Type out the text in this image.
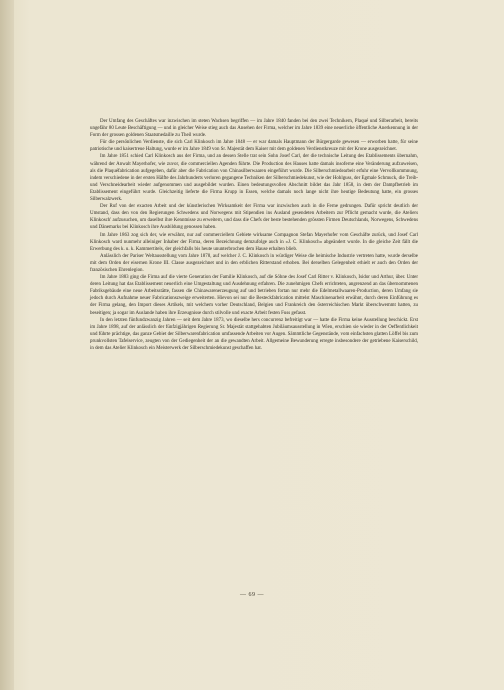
Der Umfang des Geschäftes war inzwischen im steten Wachsen begriffen — im Jahre 1840 fanden bei den zwei Technikern, Plaqué und Silberarbeit, bereits ungefähr 80 Leute Beschäftigung — und in gleicher Weise stieg auch das Ansehen der Firma, welcher im Jahre 1839 eine neuerliche öffentliche Anerkennung in der Form der grossen goldenen Staatsmedaille zu Theil wurde.

Für die persönlichen Verdienste, die sich Carl Klinkosch im Jahre 1848 — er war damals Hauptmann der Bürgergarde gewesen — erworben hatte, für seine patriotische und kaisertreue Haltung, wurde er im Jahre 1849 von Sr. Majestät dem Kaiser mit dem goldenen Verdienstkreuze mit der Krone ausgezeichnet.

Im Jahre 1851 schied Carl Klinkosch aus der Firma, und an dessen Stelle trat sein Sohn Josef Carl, der die technische Leitung des Etablissements übernahm, während der Anwalt Mayerhofer, wie zuvor, die commerciellen Agenden führte. Die Production des Hauses hatte damals insoferne eine Veränderung aufzuweisen, als die Plaquéfabrication aufgegeben, dafür aber die Fabrication von Chinasilberwaaren eingeführt wurde. Die Silberschmiedearbeit erfuhr eine Vervollkommnung, indem verschiedene in der ersten Hälfte des Jahrhunderts verloren gegangene Techniken der Silberschmiedekunst, wie der Hohlguss, der Egmale Schmuck, die Treib- und Verschneidearbeit wieder aufgenommen und ausgebildet wurden. Einen bedeutungsvollen Abschnitt bildet das Jahr 1858, in dem der Dampfbetrieb im Etablissement eingeführt wurde. Gleichzeitig lieferte die Firma Krupp in Essen, welche damals noch lange nicht ihre heutige Bedeutung hatte, ein grosses Silberwalzwerk.

Der Ruf von der exacten Arbeit und der künstlerischen Wirksamkeit der Firma war inzwischen auch in die Ferne gedrungen. Dafür spricht deutlich der Umstand, dass den von den Regierungen Schwedens und Norwegens mit Stipendien ins Ausland gesendeten Arbeitern zur Pflicht gemacht wurde, die Ateliers Klinkosch' aufzusuchen, um daselbst ihre Kenntnisse zu erweitern, und dass die Chefs der beste bestehenden grössten Firmen Deutschlands, Norwegens, Schwedens und Dänemarks bei Klinkosch ihre Ausbildung genossen haben.

Im Jahre 1863 zog sich der, wie erwähnt, nur auf commerciellem Gebiete wirksame Compagnon Stefan Mayerhofer vom Geschäfte zurück, und Josef Carl Klinkosch ward nunmehr alleiniger Inhaber der Firma, deren Bezeichnung demzufolge auch in »J. C. Klinkosch« abgeändert wurde. In die gleiche Zeit fällt die Erwerbung des k. u. k. Kammertitels, der gleichfalls bis heute ununterbrochen dem Hause erhalten blieb.

Anlässlich der Pariser Weltausstellung vom Jahre 1878, auf welcher J. C. Klinkosch in würdiger Weise die heimische Industrie vertreten hatte, wurde derselbe mit dem Orden der eisernen Krone III. Classe ausgezeichnet und in den erblichen Ritterstand erhoben. Bei derselben Gelegenheit erhielt er auch den Orden der französischen Ehrenlegion.

Im Jahre 1883 ging die Firma auf die vierte Generation der Familie Klinkosch, auf die Söhne des Josef Carl Ritter v. Klinkosch, Isidor und Arthur, über. Unter deren Leitung hat das Etablissement neuerlich eine Umgestaltung und Ausdehnung erfahren. Die zunehmigen Chefs errichteten, angrenzend an das übernommenen Fabriksgebäude eine neue Arbeitsstätte, fassen die Chinawarenerzeugung auf und betrieben fortan nur mehr die Edelmetallwaaren-Production, deren Umfang sie jedoch durch Aufnahme neuer Fabricationszweige erweiterten. Hievon sei nur die Besteckfabrication mittelst Maschinenarbeit erwähnt, durch deren Einführung es der Firma gelang, den Import dieses Artikels, mit welchem vorher Deutschland, Belgien und Frankreich den österreichischen Markt überschwemmt hatten, zu beseitigen; ja sogar im Auslande haben ihre Erzeugnisse durch stilvolle und exacte Arbeit festen Fuss gefasst.

In den letzten fünfundzwanzig Jahren — seit dem Jahre 1873, wo dieselbe hers concurrenz befreitigt war — hatte die Firma keine Ausstellung beschickt. Erst im Jahre 1898, auf der anlässlich der fünfzigjährigen Regierung Sr. Majestät stattgehabten Jubiläumsausstellung in Wien, erschien sie wieder in der Oeffentlichkeit und führte prächtige, das ganze Gebiet der Silberwarenfabrication umfassende Arbeiten vor Augen. Sämmtliche Gegenstände, vom einfachsten glatten Löffel bis zum prunkvollsten Tafelservice, zeugten von der Gediegenheit der an die gewandten Arbeit. Allgemeine Bewunderung erregte insbesondere der getriebene Kaiserschild, in dem das Atelier Klinkosch ein Meisterwerk der Silberschmiedekunst geschaffen hat.

— 69 —
